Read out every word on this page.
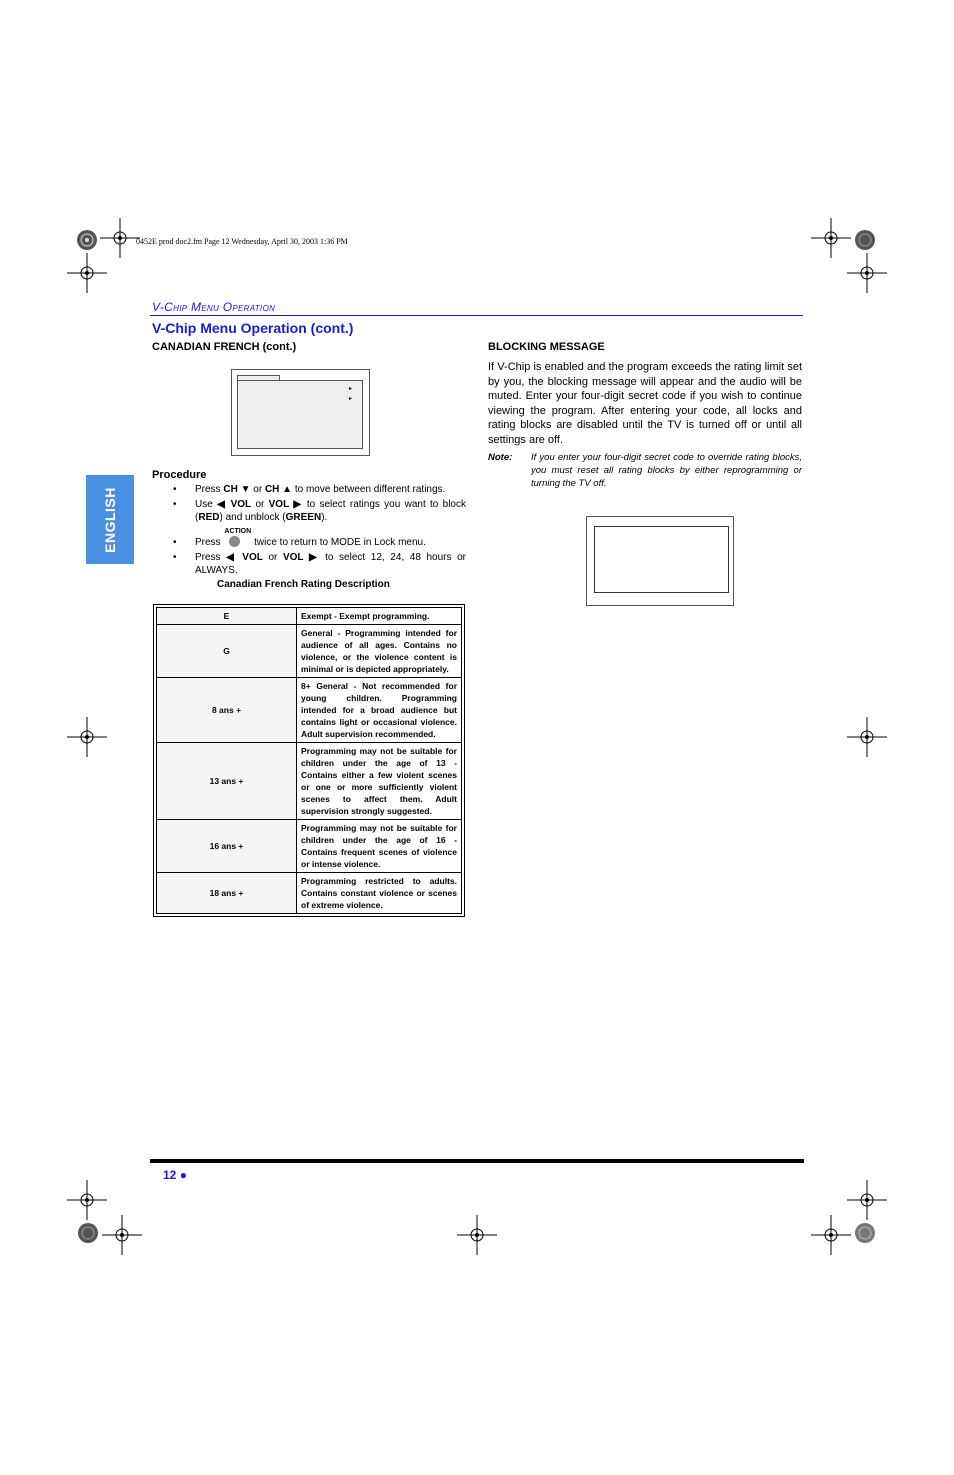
0452E prod doc2.fm Page 12 Wednesday, April 30, 2003 1:36 PM
V-Chip Menu Operation
V-Chip Menu Operation (cont.)
CANADIAN FRENCH (cont.)	BLOCKING MESSAGE
▸
▸
ENGLISH
Procedure
• Press CH ▼ or CH ▲ to move between different ratings.
• Use ◀ VOL or VOL ▶ to select ratings you want to block (RED) and unblock (GREEN).
• Press
ACTION
twice to return to MODE in Lock menu.
• Press ◀ VOL or VOL ▶ to select 12, 24, 48 hours or ALWAYS.
Canadian French Rating Description
E	Exempt - Exempt programming.
G	General - Programming intended for audience of all ages. Contains no violence, or the violence content is minimal or is depicted appropriately.
8 ans +	8+ General - Not recommended for young children. Programming intended for a broad audience but contains light or occasional violence. Adult supervision recommended.
13 ans +	Programming may not be suitable for children under the age of 13 - Contains either a few violent scenes or one or more sufficiently violent scenes to affect them. Adult supervision strongly suggested.
16 ans +	Programming may not be suitable for children under the age of 16 - Contains frequent scenes of violence or intense violence.
18 ans +	Programming restricted to adults. Contains constant violence or scenes of extreme violence.
If V-Chip is enabled and the program exceeds the rating limit set by you, the blocking message will appear and the audio will be muted. Enter your four-digit secret code if you wish to continue viewing the program. After entering your code, all locks and rating blocks are disabled until the TV is turned off or until all settings are off.
Note: If you enter your four-digit secret code to override rating blocks, you must reset all rating blocks by either reprogramming or turning the TV off.
12 ●
